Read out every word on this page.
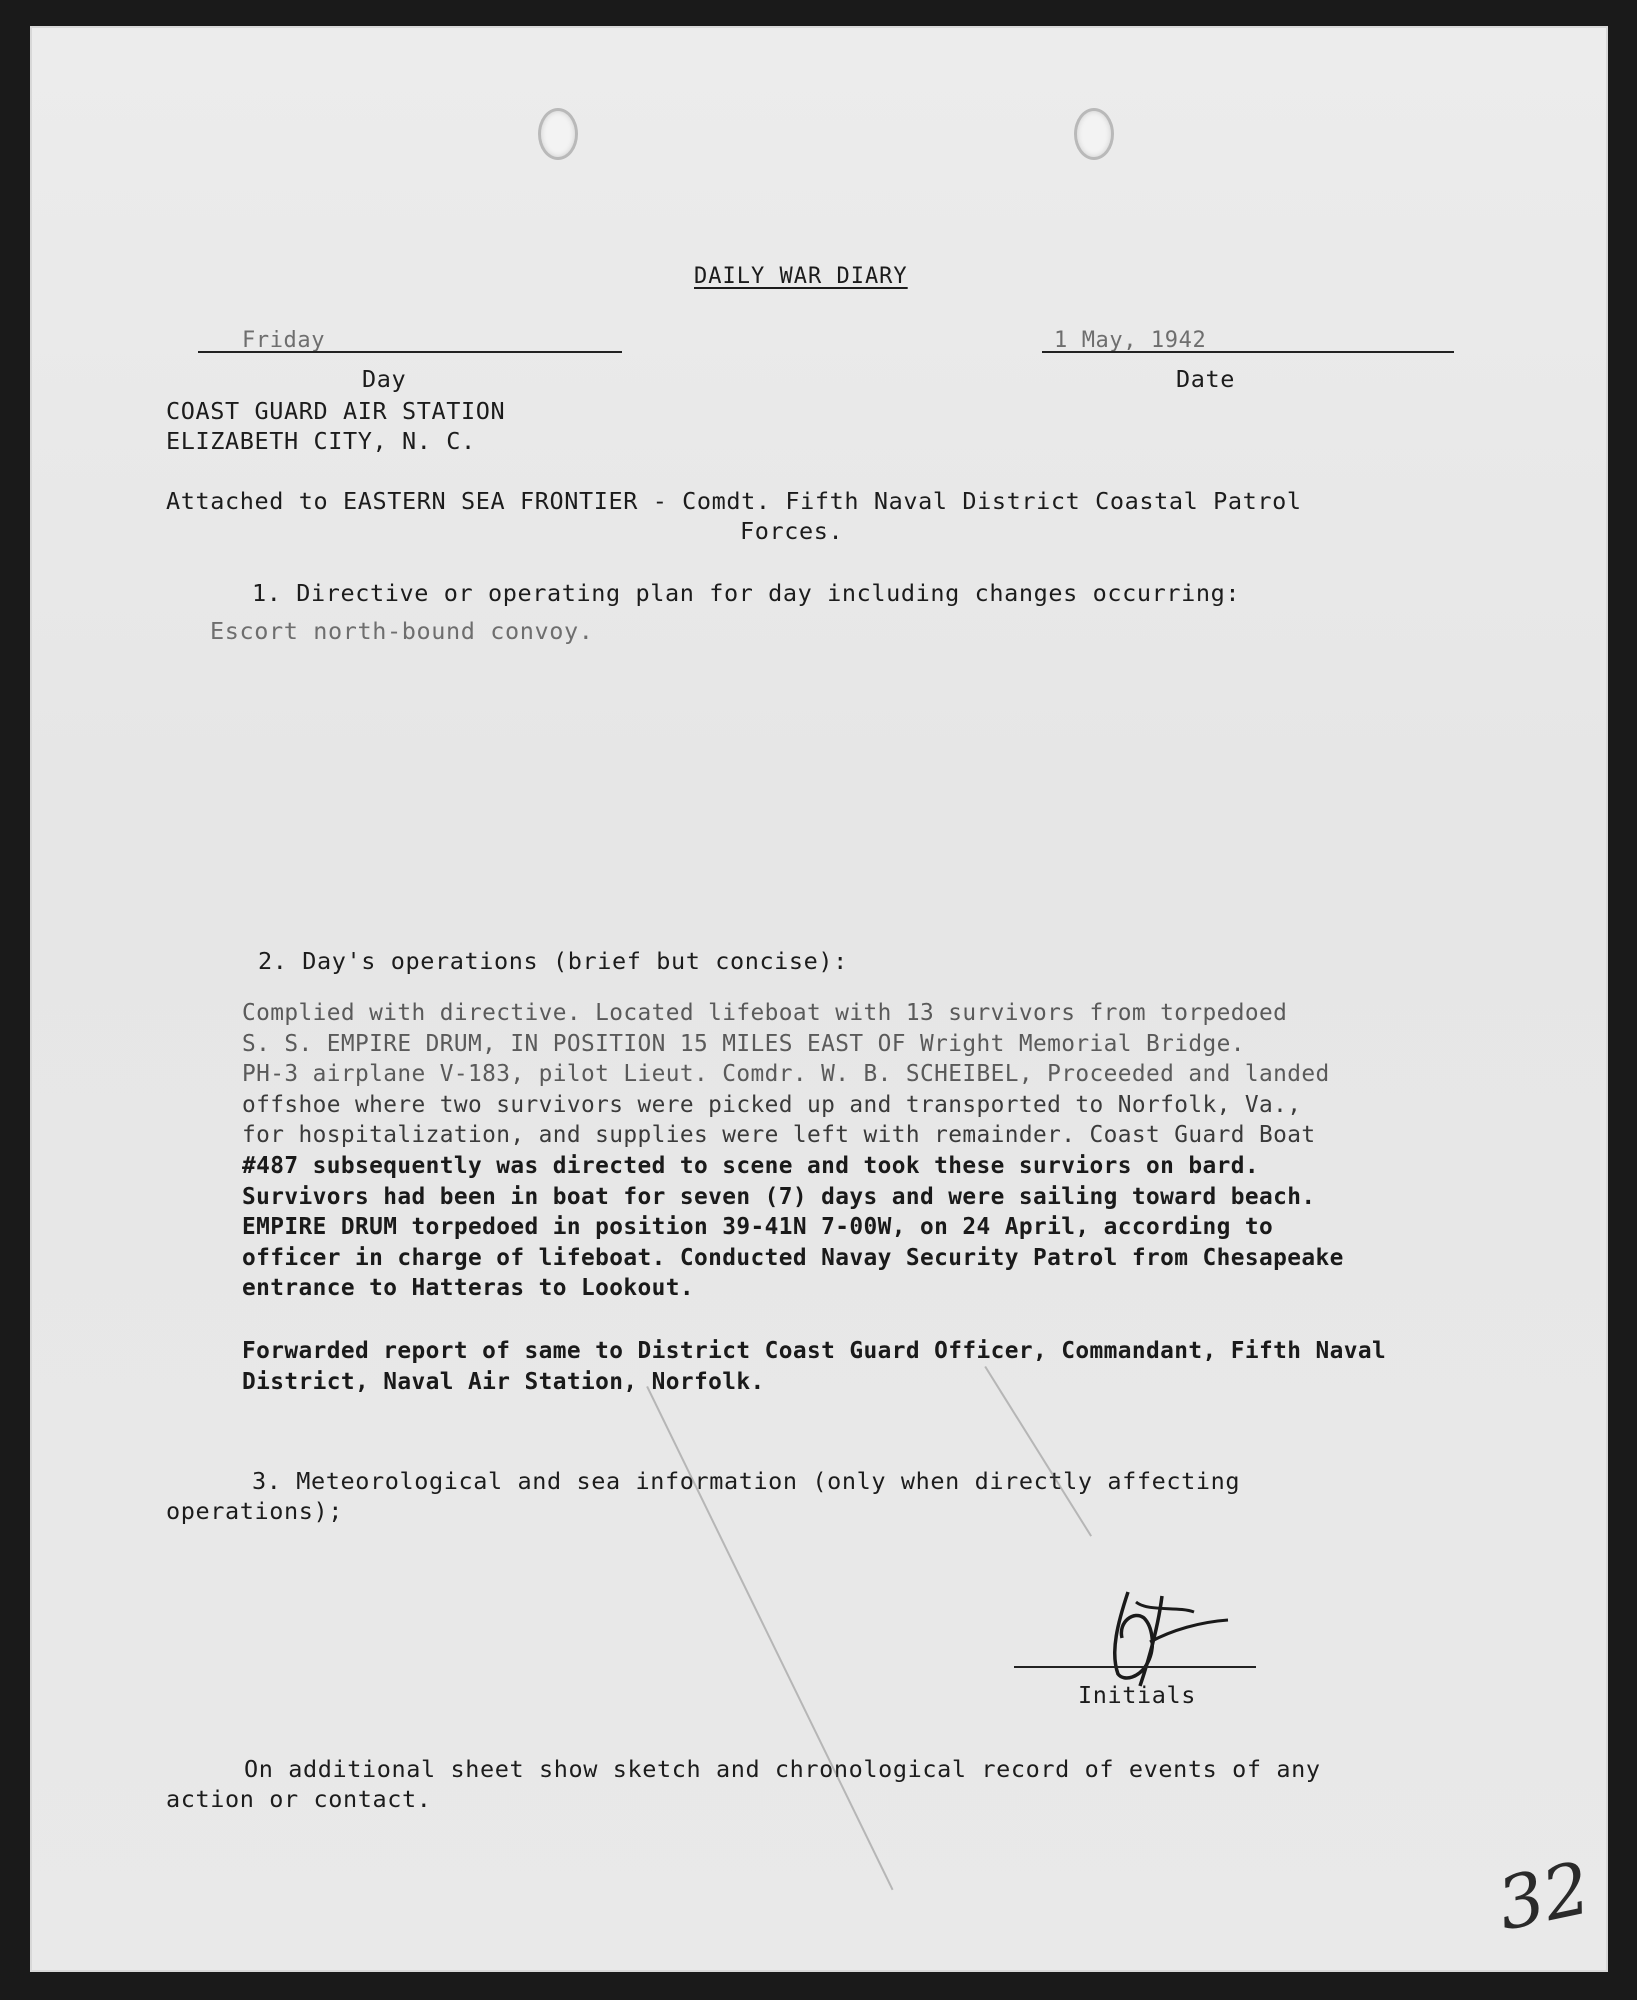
DAILY WAR DIARY
Friday
Day
1 May, 1942
Date
COAST GUARD AIR STATION
ELIZABETH CITY, N. C.
Attached to EASTERN SEA FRONTIER - Comdt. Fifth Naval District Coastal Patrol
Forces.
1. Directive or operating plan for day including changes occurring:
Escort north-bound convoy.
2. Day's operations (brief but concise):
Complied with directive. Located lifeboat with 13 survivors from torpedoed
S. S. EMPIRE DRUM, IN POSITION 15 MILES EAST OF Wright Memorial Bridge.
PH-3 airplane V-183, pilot Lieut. Comdr. W. B. SCHEIBEL, Proceeded and landed
offshoe where two survivors were picked up and transported to Norfolk, Va.,
for hospitalization, and supplies were left with remainder. Coast Guard Boat
#487 subsequently was directed to scene and took these surviors on bard.
Survivors had been in boat for seven (7) days and were sailing toward beach.
EMPIRE DRUM torpedoed in position 39-41N 7-00W, on 24 April, according to
officer in charge of lifeboat. Conducted Navay Security Patrol from Chesapeake
entrance to Hatteras to Lookout.
Forwarded report of same to District Coast Guard Officer, Commandant, Fifth Naval
District, Naval Air Station, Norfolk.
3. Meteorological and sea information (only when directly affecting
operations);
Initials
On additional sheet show sketch and chronological record of events of any
action or contact.
32
